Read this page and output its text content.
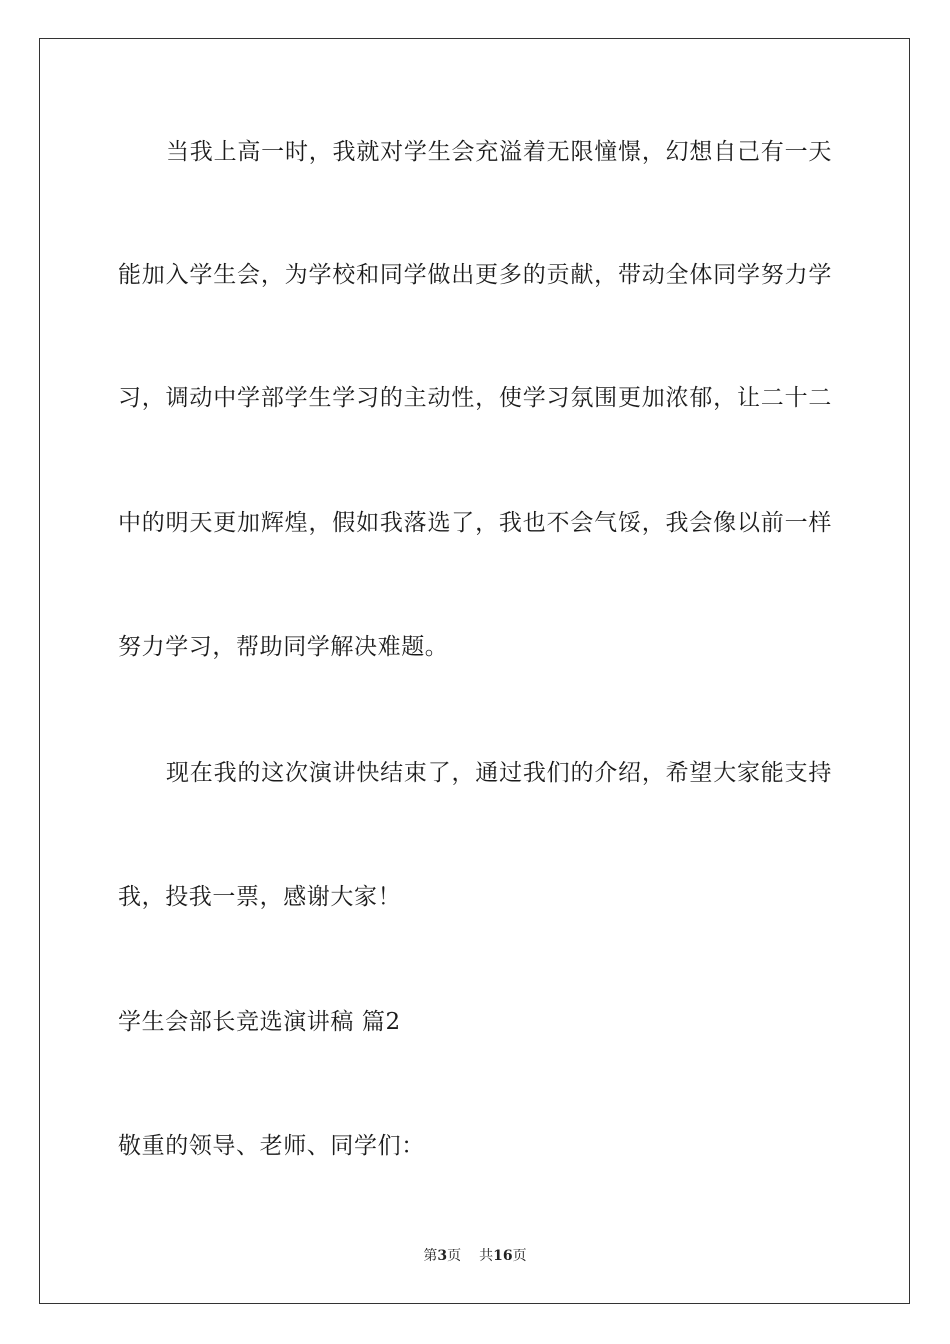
当我上高一时，我就对学生会充溢着无限憧憬，幻想自己有一天
能加入学生会，为学校和同学做出更多的贡献，带动全体同学努力学
习，调动中学部学生学习的主动性，使学习氛围更加浓郁，让二十二
中的明天更加辉煌，假如我落选了，我也不会气馁，我会像以前一样
努力学习，帮助同学解决难题。
现在我的这次演讲快结束了，通过我们的介绍，希望大家能支持
我，投我一票，感谢大家！
学生会部长竞选演讲稿 篇2
敬重的领导、老师、同学们：
第3页 共16页
